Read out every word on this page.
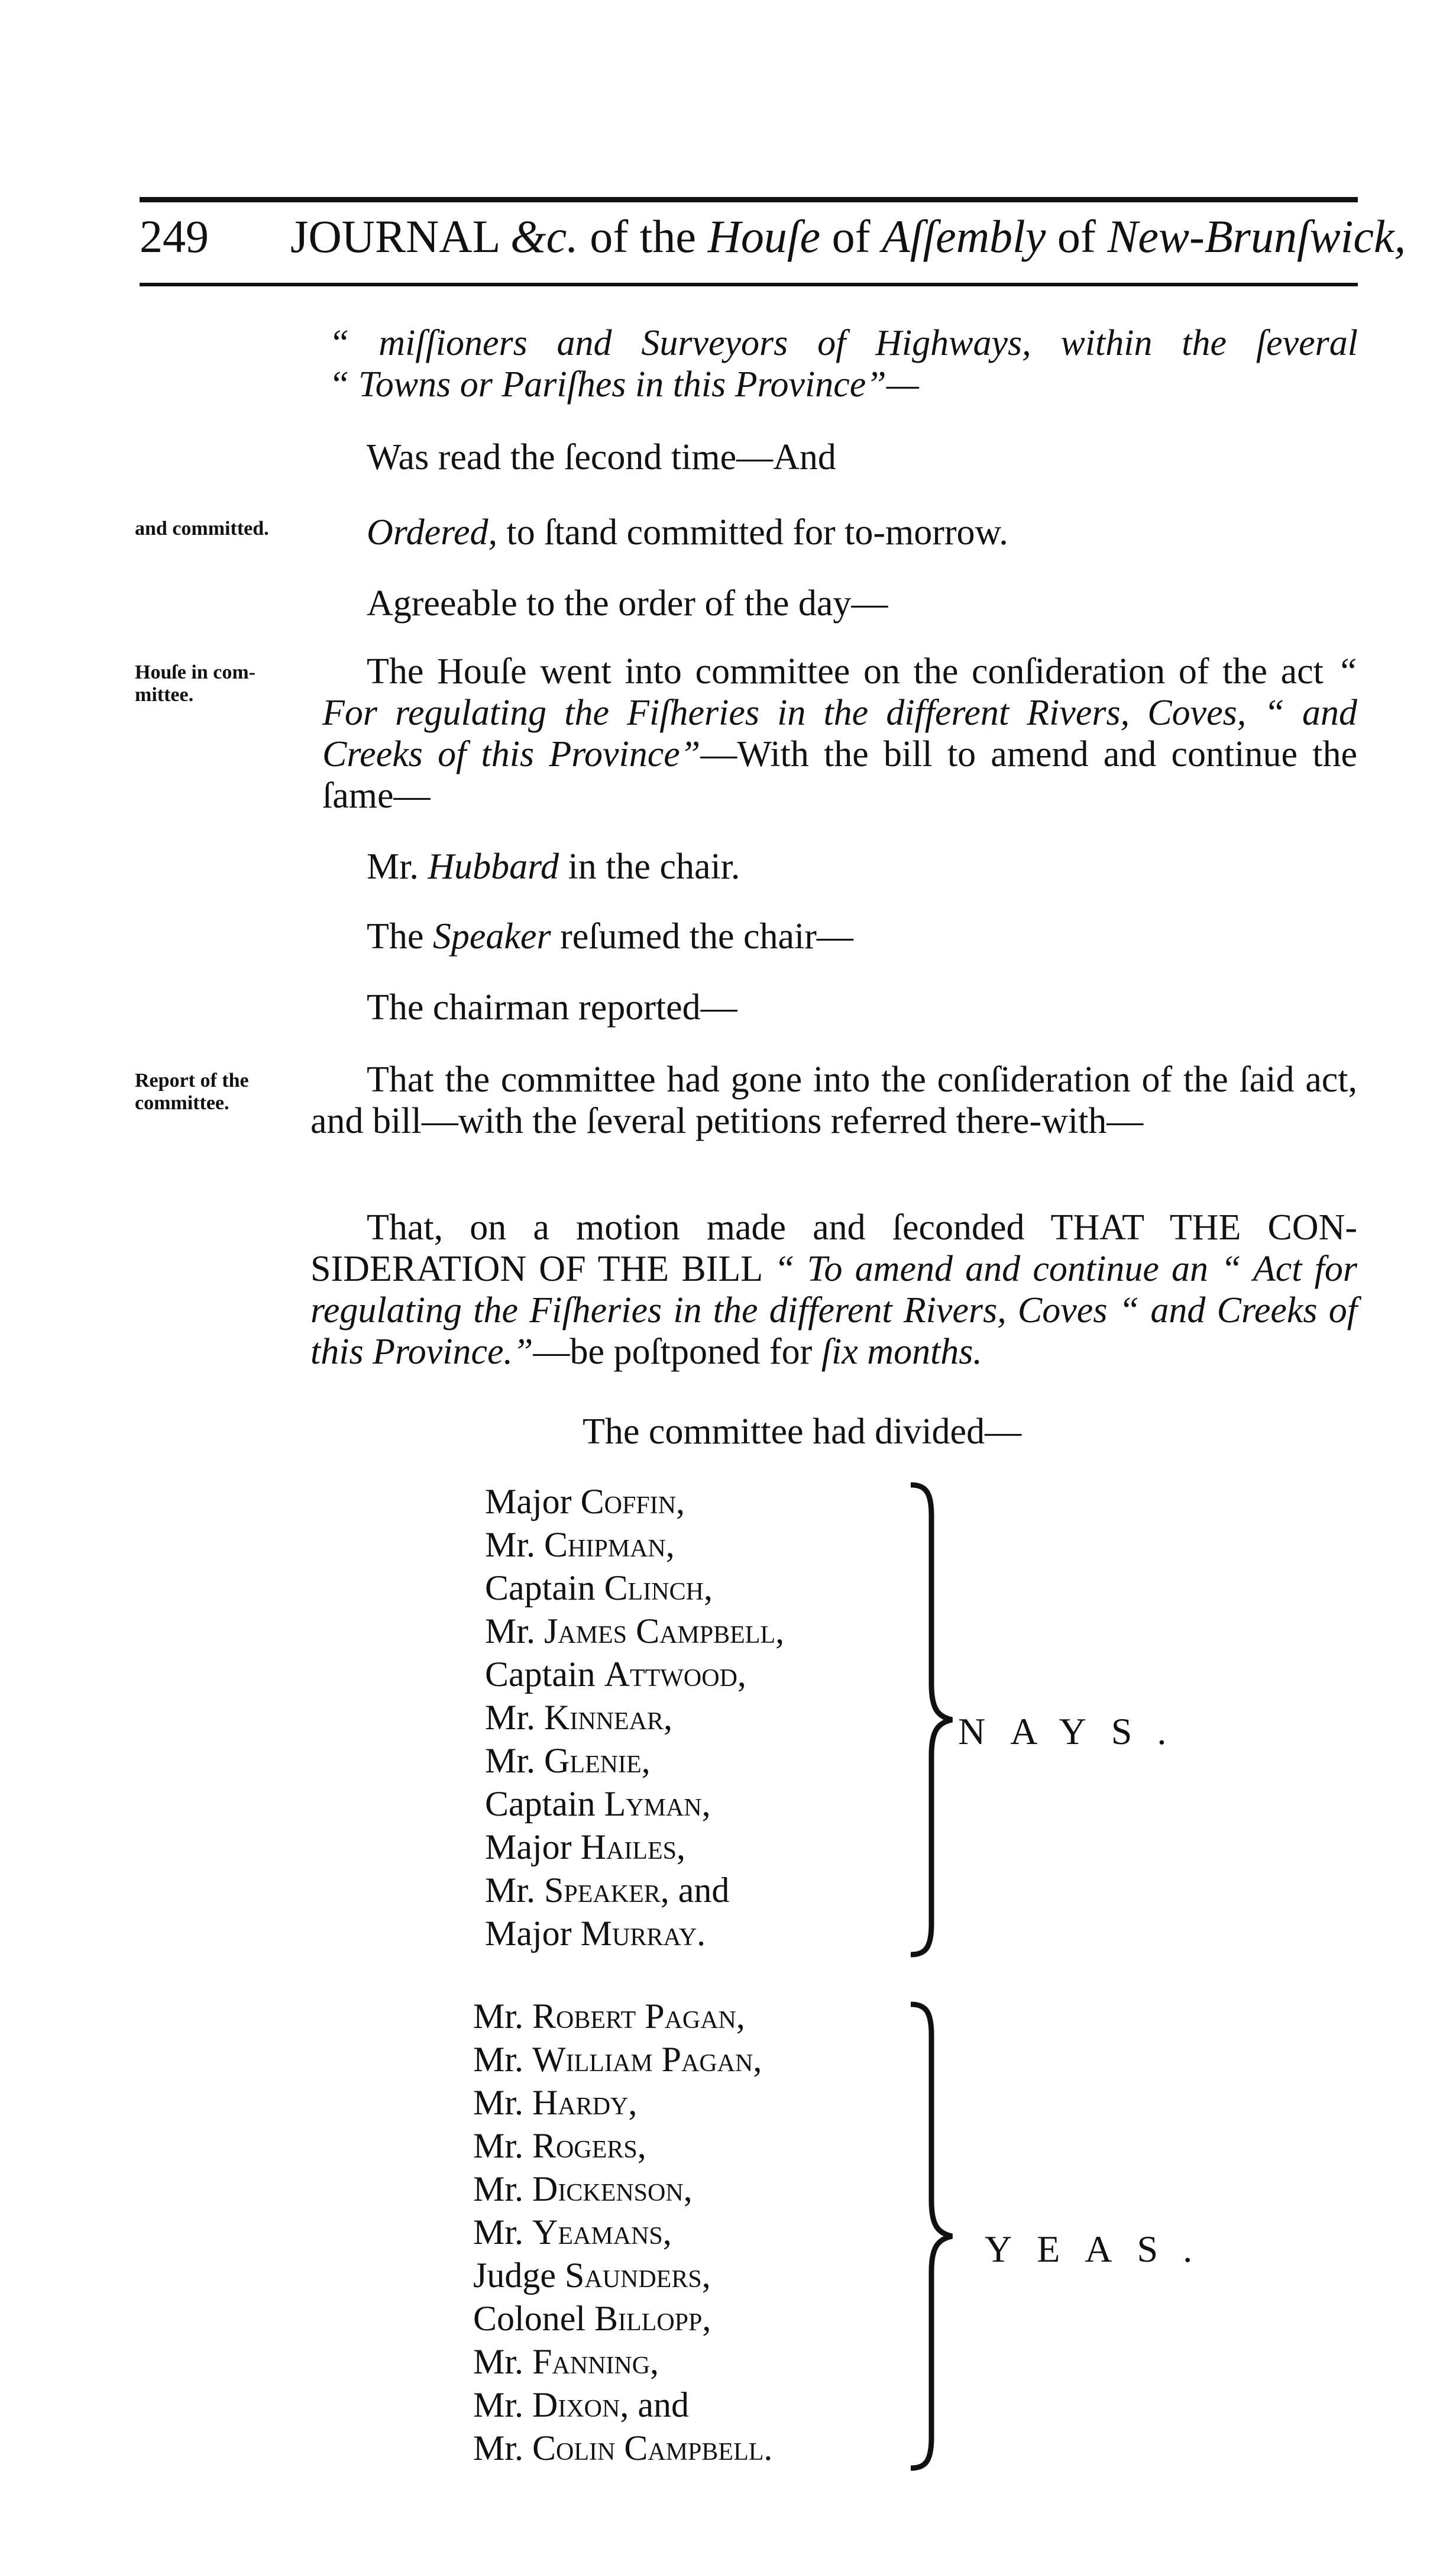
249 JOURNAL &c. of the Houſe of Aſſembly of New-Brunſwick,
“ miſſioners and Surveyors of Highways, within the ſeveral
“ Towns or Pariſhes in this Province”—
Was read the ſecond time—And
and committed.	Ordered, to ſtand committed for to-morrow.
Agreeable to the order of the day—
Houſe in com-mittee.
The Houſe went into committee on the conſideration of the act “ For regulating the Fiſheries in the different Rivers, Coves, “ and Creeks of this Province”—With the bill to amend and continue the ſame—
Mr. Hubbard in the chair.
The Speaker reſumed the chair—
The chairman reported—
Report of the committee.
That the committee had gone into the conſideration of the ſaid act, and bill—with the ſeveral petitions referred there-with—
That, on a motion made and ſeconded THAT THE CON-SIDERATION OF THE BILL “ To amend and continue an “ Act for regulating the Fiſheries in the different Rivers, Coves “ and Creeks of this Province.”—be poſtponed for ſix months.
The committee had divided—
Major Coffin,
Mr. Chipman,
Captain Clinch,
Mr. James Campbell,
Captain Attwood,
Mr. Kinnear,
Mr. Glenie,
Captain Lyman,
Major Hailes,
Mr. Speaker, and
Major Murray.
NAYS.
Mr. Robert Pagan,
Mr. William Pagan,
Mr. Hardy,
Mr. Rogers,
Mr. Dickenson,
Mr. Yeamans,
Judge Saunders,
Colonel Billopp,
Mr. Fanning,
Mr. Dixon, and
Mr. Colin Campbell.
YEAS.
